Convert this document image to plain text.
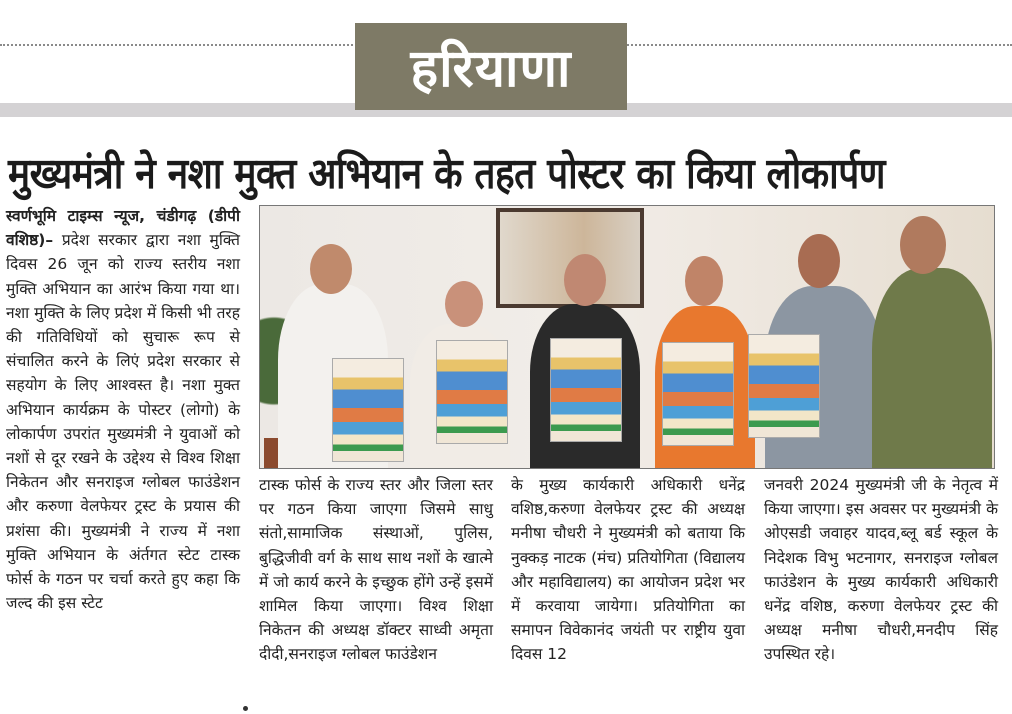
हरियाणा
मुख्यमंत्री ने नशा मुक्त अभियान के तहत पोस्टर का किया लोकार्पण

स्वर्णभूमि टाइम्स न्यूज, चंडीगढ़ (डीपी वशिष्ठ)– प्रदेश सरकार द्वारा नशा मुक्ति दिवस 26 जून को राज्य स्तरीय नशा मुक्ति अभियान का आरंभ किया गया था। नशा मुक्ति के लिए प्रदेश में किसी भी तरह की गतिविधियों को सुचारू रूप से संचालित करने के लिएं प्रदेश सरकार से सहयोग के लिए आश्वस्त है। नशा मुक्त अभियान कार्यक्रम के पोस्टर (लोगो) के लोकार्पण उपरांत मुख्यमंत्री ने युवाओं को नशों से दूर रखने के उद्देश्य से विश्व शिक्षा निकेतन और सनराइज ग्लोबल फाउंडेशन और करुणा वेलफेयर ट्रस्ट के प्रयास की प्रशंसा की। मुख्यमंत्री ने राज्य में नशा मुक्ति अभियान के अंर्तगत स्टेट टास्क फोर्स के गठन पर चर्चा करते हुए कहा कि जल्द की इस स्टेट

टास्क फोर्स के राज्य स्तर और जिला स्तर पर गठन किया जाएगा जिसमे साधु संतो,सामाजिक संस्थाओं, पुलिस, बुद्धिजीवी वर्ग के साथ साथ नशों के खात्मे में जो कार्य करने के इच्छुक होंगे उन्हें इसमें शामिल किया जाएगा। विश्व शिक्षा निकेतन की अध्यक्ष डॉक्टर साध्वी अमृता दीदी,सनराइज ग्लोबल फाउंडेशन

के मुख्य कार्यकारी अधिकारी धनेंद्र वशिष्ठ,करुणा वेलफेयर ट्रस्ट की अध्यक्ष मनीषा चौधरी ने मुख्यमंत्री को बताया कि नुक्कड़ नाटक (मंच) प्रतियोगिता (विद्यालय और महाविद्यालय) का आयोजन प्रदेश भर में करवाया जायेगा। प्रतियोगिता का समापन विवेकानंद जयंती पर राष्ट्रीय युवा दिवस 12

जनवरी 2024 मुख्यमंत्री जी के नेतृत्व में किया जाएगा। इस अवसर पर मुख्यमंत्री के ओएसडी जवाहर यादव,ब्लू बर्ड स्कूल के निदेशक विभु भटनागर, सनराइज ग्लोबल फाउंडेशन के मुख्य कार्यकारी अधिकारी धनेंद्र वशिष्ठ, करुणा वेलफेयर ट्रस्ट की अध्यक्ष मनीषा चौधरी,मनदीप सिंह उपस्थित रहे।
